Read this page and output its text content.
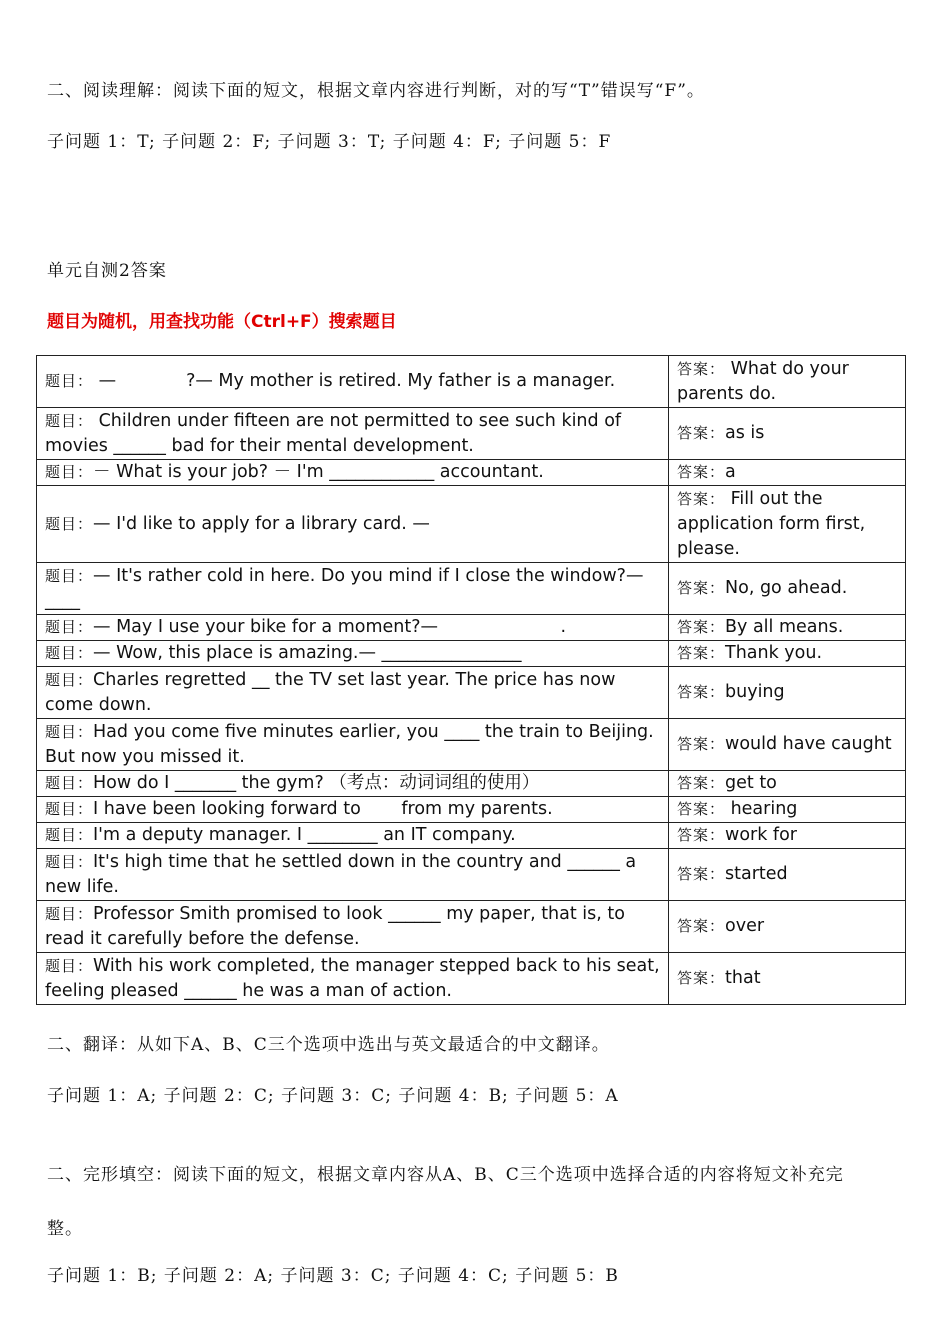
二、阅读理解：阅读下面的短文，根据文章内容进行判断，对的写“T”错误写“F”。
子问题 1：T; 子问题 2：F; 子问题 3：T; 子问题 4：F; 子问题 5：F
单元自测2答案
题目为随机，用查找功能（Ctrl+F）搜索题目
题目： —　　　　?— My mother is retired. My father is a manager.	答案： What do your parents do.
题目： Children under fifteen are not permitted to see such kind of movies ______ bad for their mental development.	答案：as is
题目：－ What is your job? － I'm ____________ accountant.	答案：a
题目：— I'd like to apply for a library card. —	答案： Fill out the application form first, please.
题目：— It's rather cold in here. Do you mind if I close the window?— ____	答案：No, go ahead.
题目：— May I use your bike for a moment?—　　　　　　　.	答案：By all means.
题目：— Wow, this place is amazing.— ________________	答案：Thank you.
题目：Charles regretted __ the TV set last year. The price has now come down.	答案：buying
题目：Had you come five minutes earlier, you ____ the train to Beijing. But now you missed it.	答案：would have caught
题目：How do I _______ the gym? （考点：动词词组的使用）	答案：get to
题目：I have been looking forward to 　　from my parents.	答案： hearing
题目：I'm a deputy manager. I ________ an IT company.	答案：work for
题目：It's high time that he settled down in the country and ______ a new life.	答案：started
题目：Professor Smith promised to look ______ my paper, that is, to read it carefully before the defense.	答案：over
题目：With his work completed, the manager stepped back to his seat, feeling pleased ______ he was a man of action.	答案：that
二、翻译：从如下A、B、C三个选项中选出与英文最适合的中文翻译。
子问题 1：A; 子问题 2：C; 子问题 3：C; 子问题 4：B; 子问题 5：A
二、完形填空：阅读下面的短文，根据文章内容从A、B、C三个选项中选择合适的内容将短文补充完
整。
子问题 1：B; 子问题 2：A; 子问题 3：C; 子问题 4：C; 子问题 5：B
